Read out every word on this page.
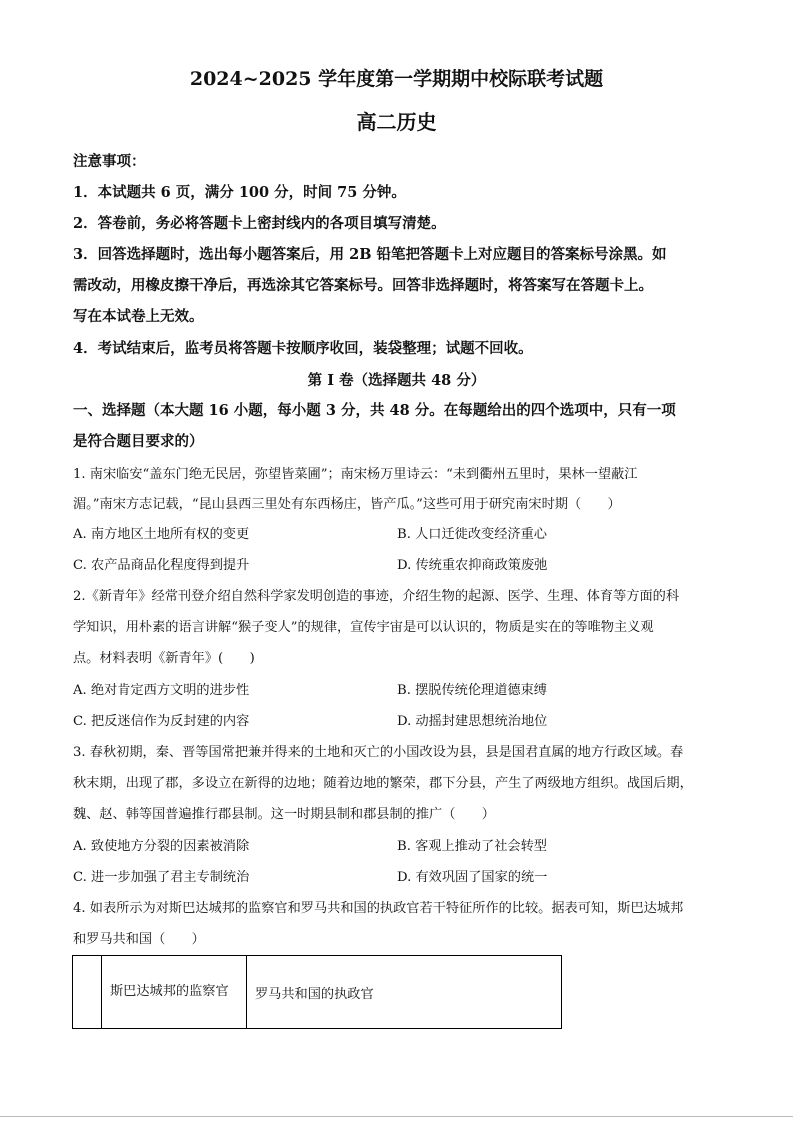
2024~2025 学年度第一学期期中校际联考试题
高二历史
注意事项：
1．本试题共 6 页，满分 100 分，时间 75 分钟。
2．答卷前，务必将答题卡上密封线内的各项目填写清楚。
3．回答选择题时，选出每小题答案后，用 2B 铅笔把答题卡上对应题目的答案标号涂黑。如
需改动，用橡皮擦干净后，再选涂其它答案标号。回答非选择题时，将答案写在答题卡上。
写在本试卷上无效。
4．考试结束后，监考员将答题卡按顺序收回，装袋整理；试题不回收。
第 I 卷（选择题共 48 分）
一、选择题（本大题 16 小题，每小题 3 分，共 48 分。在每题给出的四个选项中，只有一项
是符合题目要求的）
1. 南宋临安“盖东门绝无民居，弥望皆菜圃”；南宋杨万里诗云：“未到衢州五里时，果林一望蔽江
湄。”南宋方志记载，“昆山县西三里处有东西杨庄，皆产瓜。”这些可用于研究南宋时期（　　）
A. 南方地区土地所有权的变更	B. 人口迁徙改变经济重心
C. 农产品商品化程度得到提升	D. 传统重农抑商政策废弛
2.《新青年》经常刊登介绍自然科学家发明创造的事迹，介绍生物的起源、医学、生理、体育等方面的科
学知识，用朴素的语言讲解“猴子变人”的规律，宣传宇宙是可以认识的，物质是实在的等唯物主义观
点。材料表明《新青年》(　　)
A. 绝对肯定西方文明的进步性	B. 摆脱传统伦理道德束缚
C. 把反迷信作为反封建的内容	D. 动摇封建思想统治地位
3. 春秋初期，秦、晋等国常把兼并得来的土地和灭亡的小国改设为县，县是国君直属的地方行政区域。春
秋末期，出现了郡，多设立在新得的边地；随着边地的繁荣，郡下分县，产生了两级地方组织。战国后期，
魏、赵、韩等国普遍推行郡县制。这一时期县制和郡县制的推广（　　）
A. 致使地方分裂的因素被消除	B. 客观上推动了社会转型
C. 进一步加强了君主专制统治	D. 有效巩固了国家的统一
4. 如表所示为对斯巴达城邦的监察官和罗马共和国的执政官若干特征所作的比较。据表可知，斯巴达城邦
和罗马共和国（　　）
	斯巴达城邦的监察官	罗马共和国的执政官
